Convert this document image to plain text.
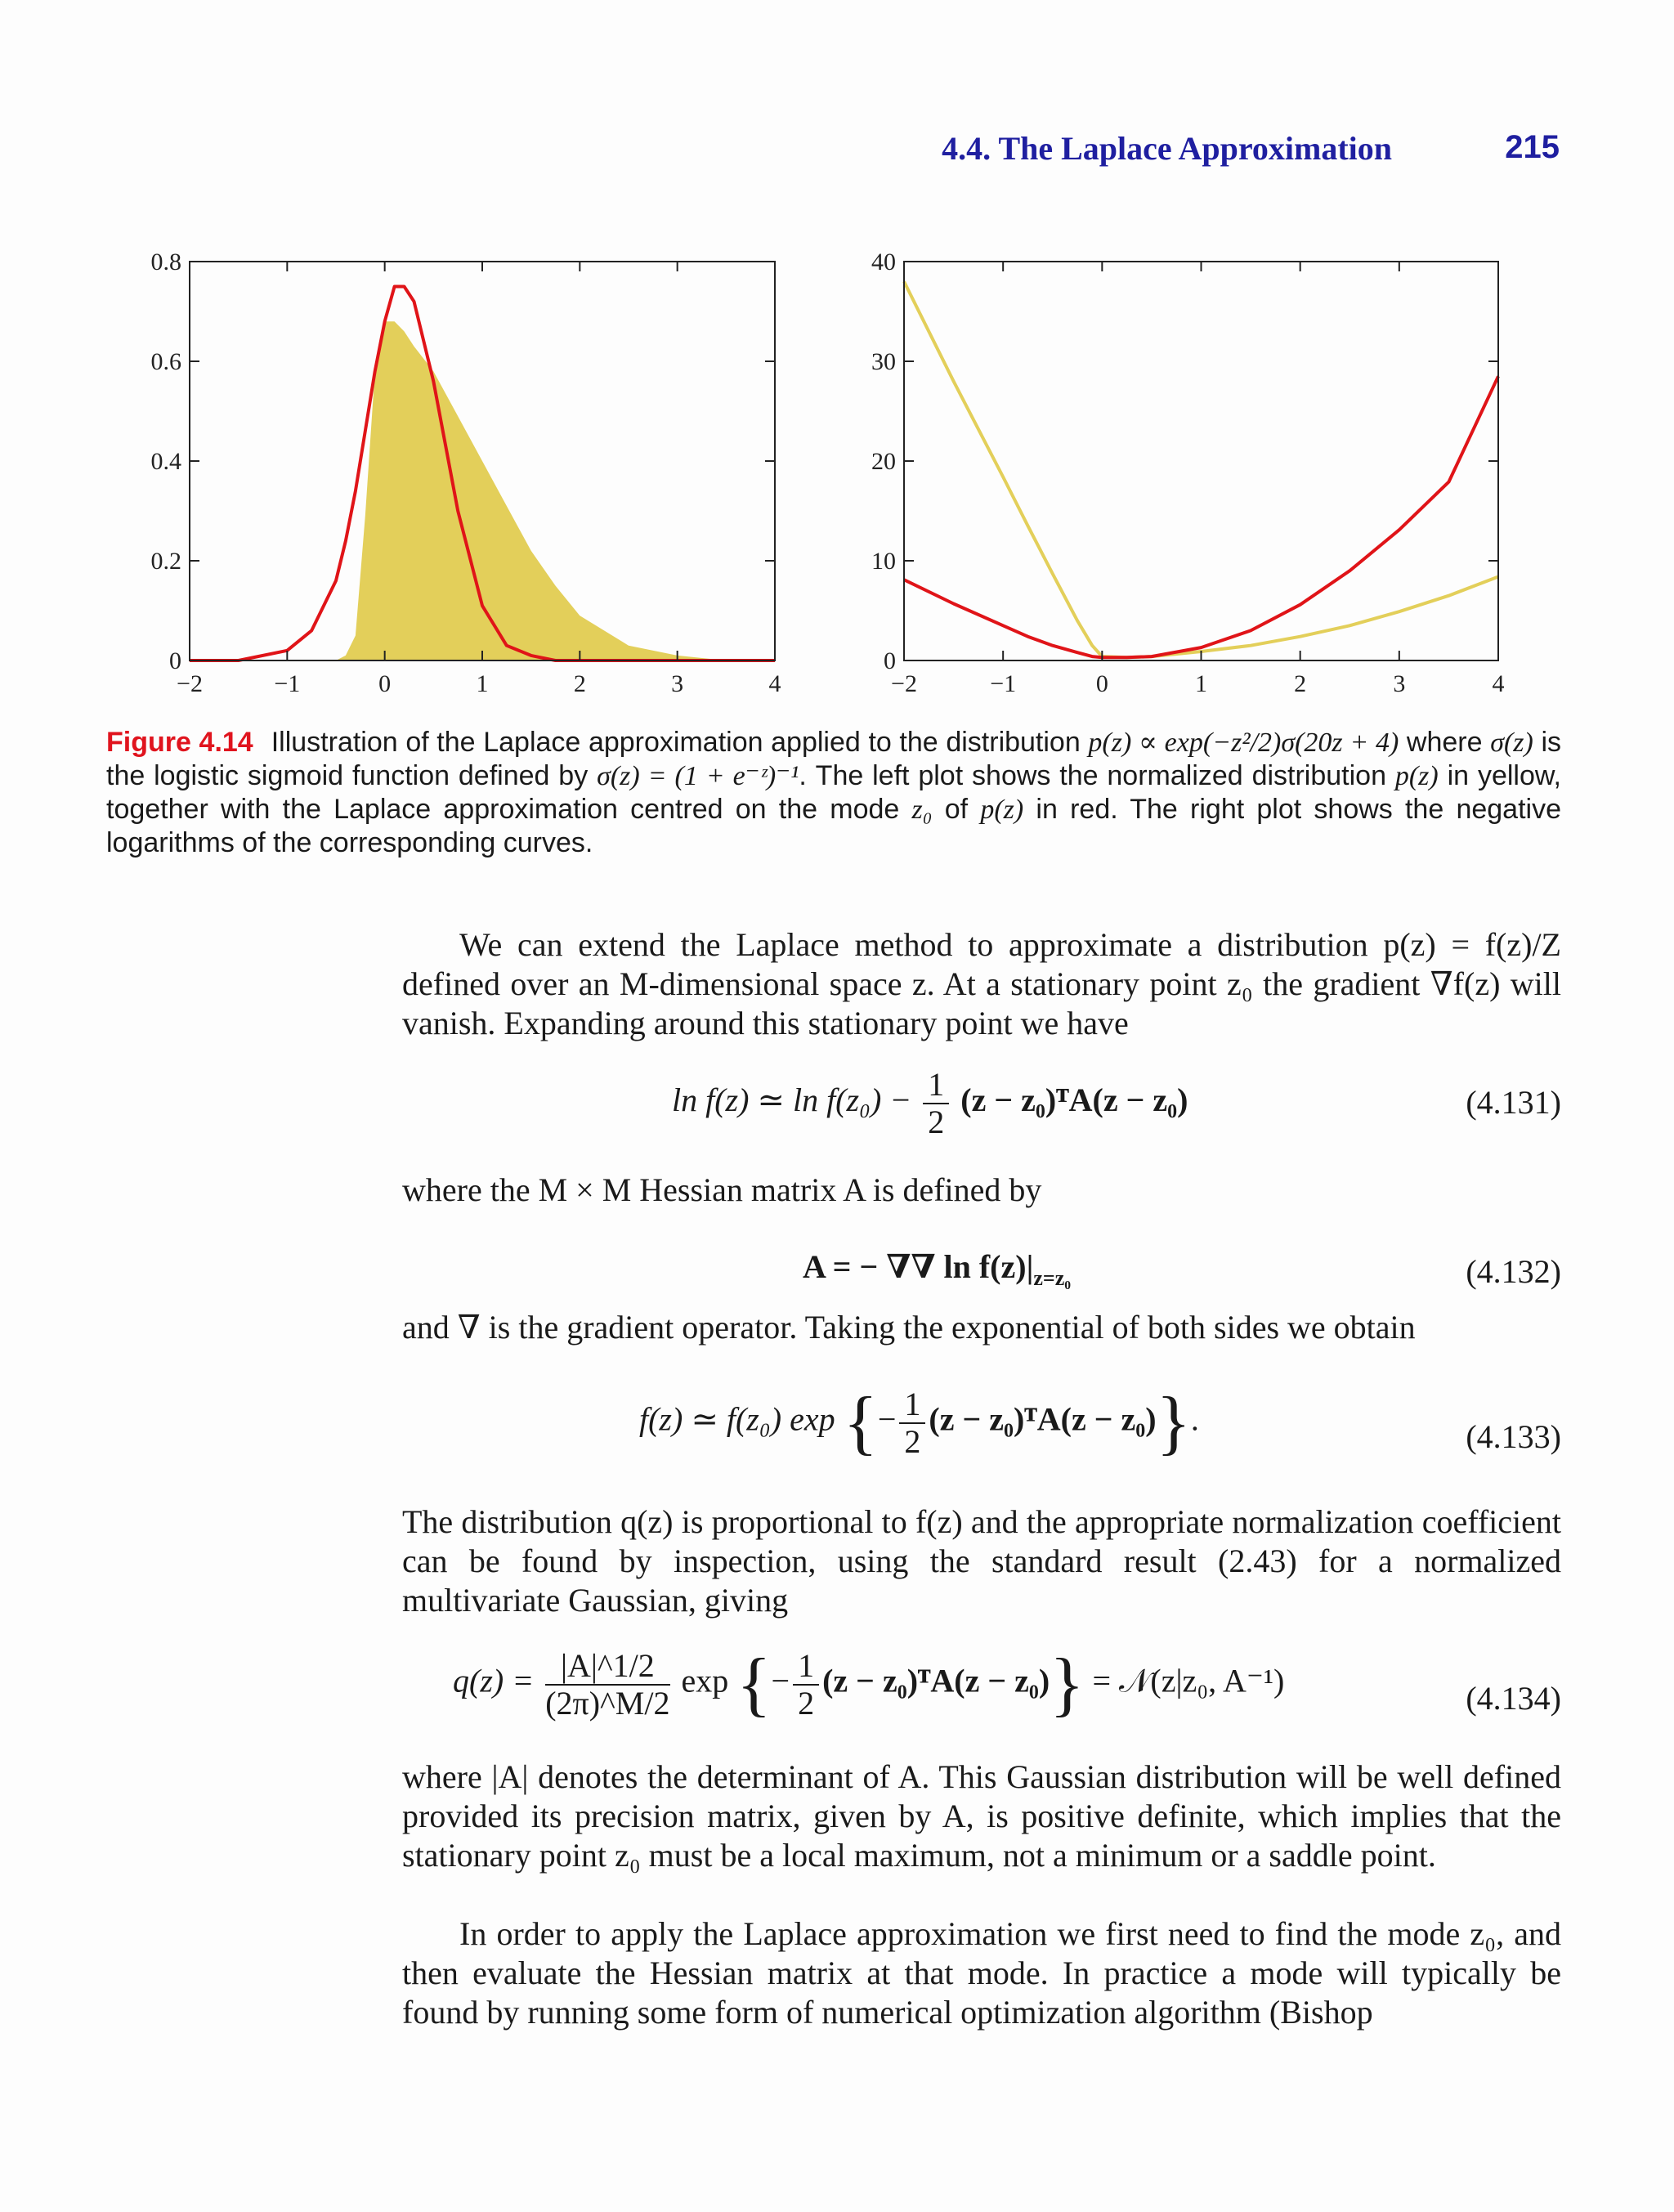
4.4. The Laplace Approximation	215
−2	−1	0	1	2	3	4
0
0.2
0.4
0.6
0.8
−2	−1	0	1	2	3	4
0
10
20
30
40
Figure 4.14 Illustration of the Laplace approximation applied to the distribution p(z) ∝ exp(−z²/2)σ(20z + 4) where σ(z) is the logistic sigmoid function defined by σ(z) = (1 + e⁻ᶻ)⁻¹. The left plot shows the normalized distribution p(z) in yellow, together with the Laplace approximation centred on the mode z₀ of p(z) in red. The right plot shows the negative logarithms of the corresponding curves.

We can extend the Laplace method to approximate a distribution p(z) = f(z)/Z defined over an M-dimensional space z. At a stationary point z₀ the gradient ∇f(z) will vanish. Expanding around this stationary point we have

ln f(z) ≃ $\ln f(z_0) - \frac{1}{2} (z$ − z₀)ᵀA(z − z₀)	(4.131)

where the M × M Hessian matrix A is defined by

A = − ∇∇ $\ln f(z)|_{z=z_0}$	(4.132)

and ∇ is the gradient operator. Taking the exponential of both sides we obtain

f(z) ≃ f(z₀) exp {− $\frac{1}{2} (z$ − z₀)ᵀA(z − z₀)}.	(4.133)

The distribution q(z) is proportional to f(z) and the appropriate normalization coefficient can be found by inspection, using the standard result (2.43) for a normalized multivariate Gaussian, giving

$q(z) = \frac{|A|\^{}1/2}{(2\pi)\^{}M/2}$ exp {− $\frac{1}{2} (z$ − z₀)ᵀA(z − z₀)} = 𝒩(z|z₀, A⁻¹)	(4.134)

where |A| denotes the determinant of A. This Gaussian distribution will be well defined provided its precision matrix, given by A, is positive definite, which implies that the stationary point z₀ must be a local maximum, not a minimum or a saddle point.

In order to apply the Laplace approximation we first need to find the mode z₀, and then evaluate the Hessian matrix at that mode. In practice a mode will typically be found by running some form of numerical optimization algorithm (Bishop
